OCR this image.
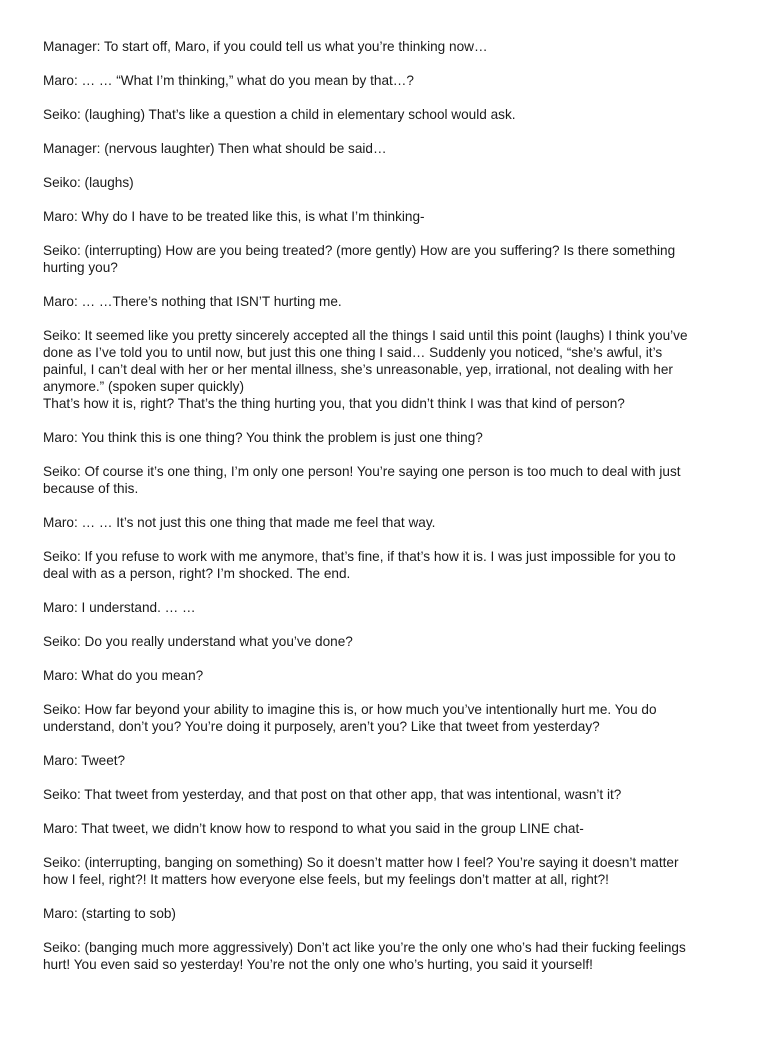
Manager: To start off, Maro, if you could tell us what you’re thinking now…

Maro: … … “What I’m thinking,” what do you mean by that…?

Seiko: (laughing) That’s like a question a child in elementary school would ask.

Manager: (nervous laughter) Then what should be said…

Seiko: (laughs)

Maro: Why do I have to be treated like this, is what I’m thinking-

Seiko: (interrupting) How are you being treated? (more gently) How are you suffering? Is there something hurting you?

Maro: … …There’s nothing that ISN’T hurting me.

Seiko: It seemed like you pretty sincerely accepted all the things I said until this point (laughs) I think you’ve done as I’ve told you to until now, but just this one thing I said… Suddenly you noticed, “she’s awful, it’s painful, I can’t deal with her or her mental illness, she’s unreasonable, yep, irrational, not dealing with her anymore.” (spoken super quickly)

That’s how it is, right? That’s the thing hurting you, that you didn’t think I was that kind of person?

Maro: You think this is one thing? You think the problem is just one thing?

Seiko: Of course it’s one thing, I’m only one person! You’re saying one person is too much to deal with just because of this.

Maro: … … It’s not just this one thing that made me feel that way.

Seiko: If you refuse to work with me anymore, that’s fine, if that’s how it is. I was just impossible for you to deal with as a person, right? I’m shocked. The end.

Maro: I understand. … …

Seiko: Do you really understand what you’ve done?

Maro: What do you mean?

Seiko: How far beyond your ability to imagine this is, or how much you’ve intentionally hurt me. You do understand, don’t you? You’re doing it purposely, aren’t you? Like that tweet from yesterday?

Maro: Tweet?

Seiko: That tweet from yesterday, and that post on that other app, that was intentional, wasn’t it?

Maro: That tweet, we didn’t know how to respond to what you said in the group LINE chat-

Seiko: (interrupting, banging on something) So it doesn’t matter how I feel? You’re saying it doesn’t matter how I feel, right?! It matters how everyone else feels, but my feelings don’t matter at all, right?!

Maro: (starting to sob)

Seiko: (banging much more aggressively) Don’t act like you’re the only one who’s had their fucking feelings hurt! You even said so yesterday! You’re not the only one who’s hurting, you said it yourself!
